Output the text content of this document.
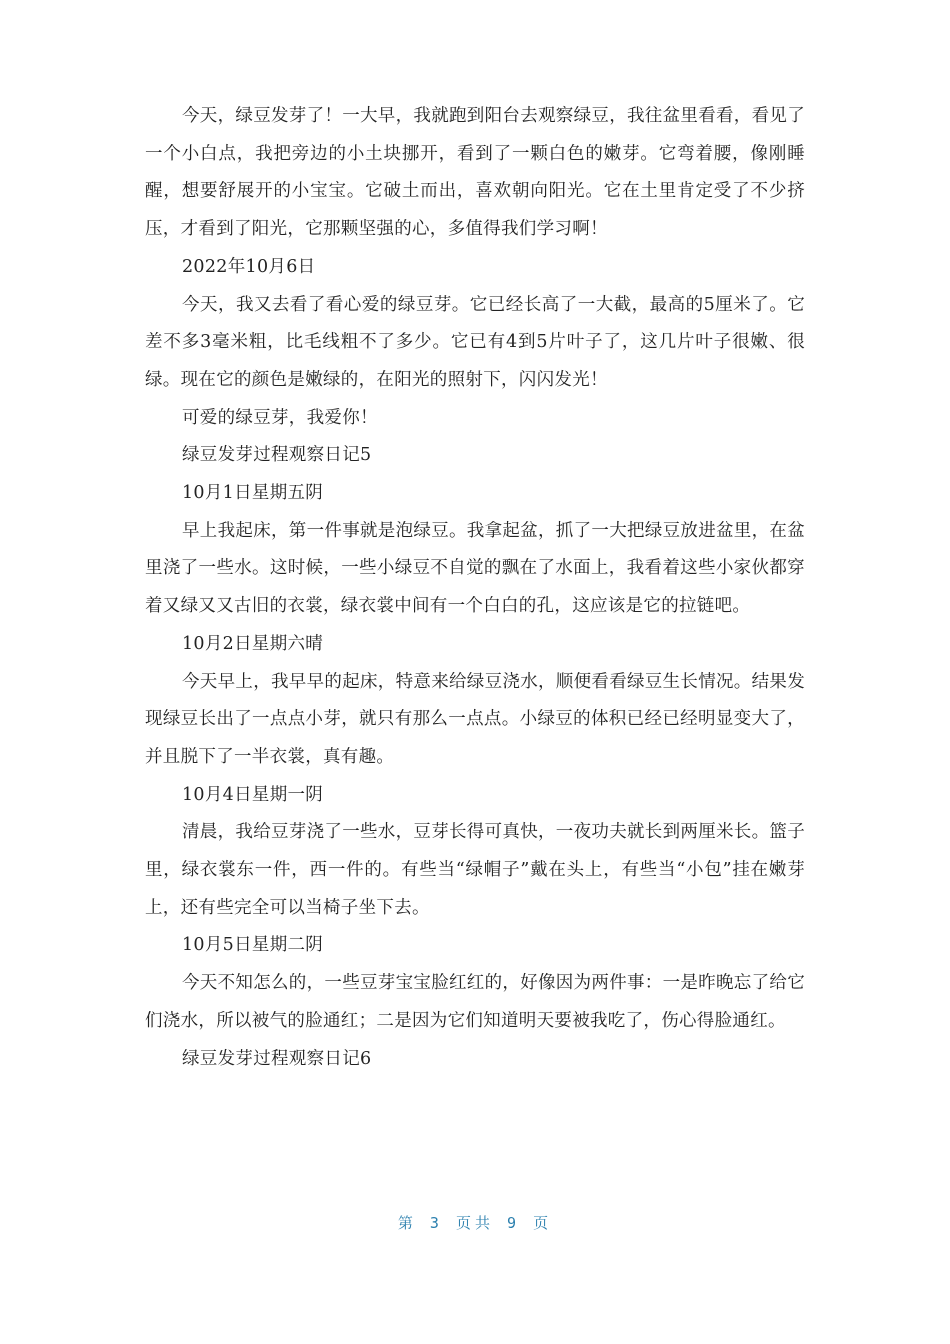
今天，绿豆发芽了！一大早，我就跑到阳台去观察绿豆，我往盆里看看，看见了一个小白点，我把旁边的小土块挪开，看到了一颗白色的嫩芽。它弯着腰，像刚睡醒，想要舒展开的小宝宝。它破土而出，喜欢朝向阳光。它在土里肯定受了不少挤压，才看到了阳光，它那颗坚强的心，多值得我们学习啊！

2022年10月6日

今天，我又去看了看心爱的绿豆芽。它已经长高了一大截，最高的5厘米了。它差不多3毫米粗，比毛线粗不了多少。它已有4到5片叶子了，这几片叶子很嫩、很绿。现在它的颜色是嫩绿的，在阳光的照射下，闪闪发光！

可爱的绿豆芽，我爱你！

绿豆发芽过程观察日记5

10月1日星期五阴

早上我起床，第一件事就是泡绿豆。我拿起盆，抓了一大把绿豆放进盆里，在盆里浇了一些水。这时候，一些小绿豆不自觉的飘在了水面上，我看着这些小家伙都穿着又绿又又古旧的衣裳，绿衣裳中间有一个白白的孔，这应该是它的拉链吧。

10月2日星期六晴

今天早上，我早早的起床，特意来给绿豆浇水，顺便看看绿豆生长情况。结果发现绿豆长出了一点点小芽，就只有那么一点点。小绿豆的体积已经已经明显变大了，并且脱下了一半衣裳，真有趣。

10月4日星期一阴

清晨，我给豆芽浇了一些水，豆芽长得可真快，一夜功夫就长到两厘米长。篮子里，绿衣裳东一件，西一件的。有些当“绿帽子”戴在头上，有些当“小包”挂在嫩芽上，还有些完全可以当椅子坐下去。

10月5日星期二阴

今天不知怎么的，一些豆芽宝宝脸红红的，好像因为两件事：一是昨晚忘了给它们浇水，所以被气的脸通红；二是因为它们知道明天要被我吃了，伤心得脸通红。

绿豆发芽过程观察日记6

第 3 页共 9 页
